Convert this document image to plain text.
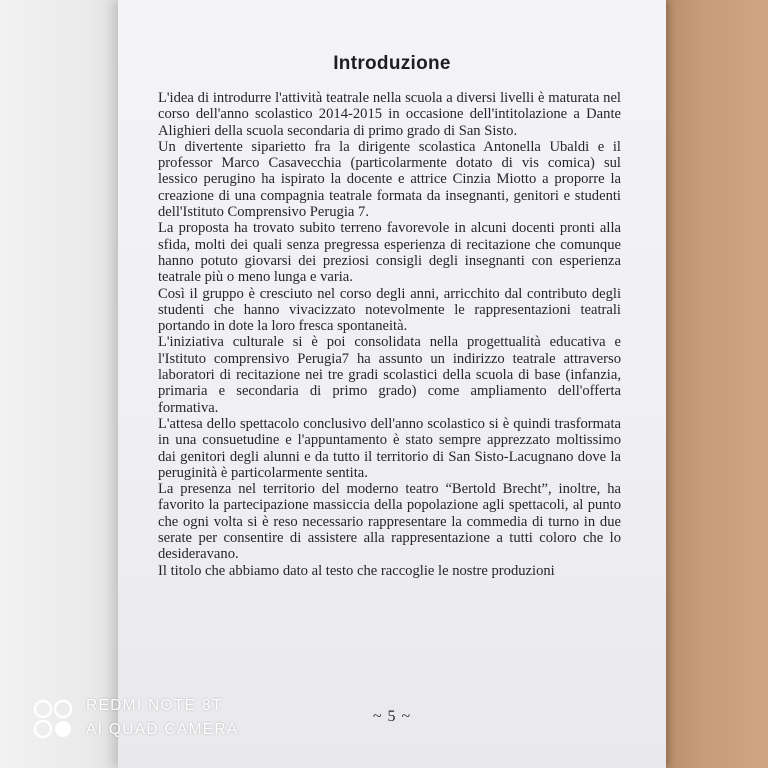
Introduzione

L'idea di introdurre l'attività teatrale nella scuola a diversi livelli è maturata nel corso dell'anno scolastico 2014-2015 in occasione dell'intitolazione a Dante Alighieri della scuola secondaria di primo grado di San Sisto.

Un divertente siparietto fra la dirigente scolastica Antonella Ubaldi e il professor Marco Casavecchia (particolarmente dotato di vis comica) sul lessico perugino ha ispirato la docente e attrice Cinzia Miotto a proporre la creazione di una compagnia teatrale formata da insegnanti, genitori e studenti dell'Istituto Comprensivo Perugia 7.

La proposta ha trovato subito terreno favorevole in alcuni docenti pronti alla sfida, molti dei quali senza pregressa esperienza di recitazione che comunque hanno potuto giovarsi dei preziosi consigli degli insegnanti con esperienza teatrale più o meno lunga e varia.

Così il gruppo è cresciuto nel corso degli anni, arricchito dal contributo degli studenti che hanno vivacizzato notevolmente le rappresentazioni teatrali portando in dote la loro fresca spontaneità.

L'iniziativa culturale si è poi consolidata nella progettualità educativa e l'Istituto comprensivo Perugia7 ha assunto un indirizzo teatrale attraverso laboratori di recitazione nei tre gradi scolastici della scuola di base (infanzia, primaria e secondaria di primo grado) come ampliamento dell'offerta formativa.

L'attesa dello spettacolo conclusivo dell'anno scolastico si è quindi trasformata in una consuetudine e l'appuntamento è stato sempre apprezzato moltissimo dai genitori degli alunni e da tutto il territorio di San Sisto-Lacugnano dove la peruginità è particolarmente sentita.

La presenza nel territorio del moderno teatro “Bertold Brecht”, inoltre, ha favorito la partecipazione massiccia della popolazione agli spettacoli, al punto che ogni volta si è reso necessario rappresentare la commedia di turno in due serate per consentire di assistere alla rappresentazione a tutti coloro che lo desideravano.

Il titolo che abbiamo dato al testo che raccoglie le nostre produzioni

~ 5 ~
REDMI NOTE 8T
AI QUAD CAMERA
